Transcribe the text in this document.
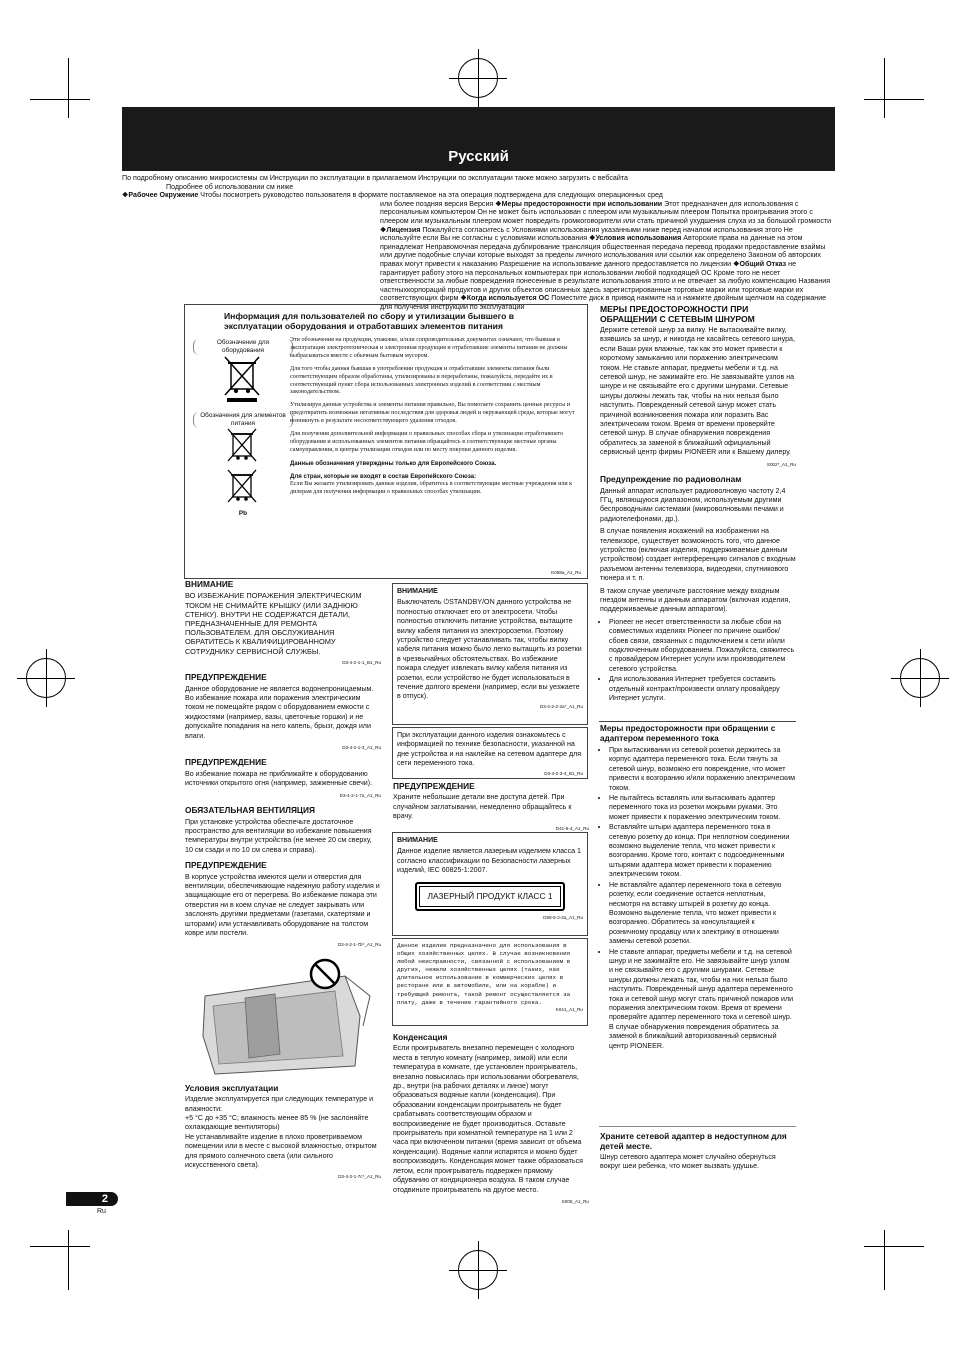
Русский

По подробному описанию микросистемы см Инструкции по эксплуатации в прилагаемом Инструкции по эксплуатации также можно загрузить с вебсайта

Подробнее об использовании см ниже

❖Рабочее Окружение Чтобы посмотреть руководство пользователя в формате поставляемое на эта операция подтверждена для следующих операционных сред

или более поздняя версия Версия ❖Меры предосторожности при использовании Этот предназначен для использования с персональным компьютером Он не может быть использован с плеером или музыкальным плеером Попытка проигрывания этого с плеером или музыкальным плеером может повредить громкоговорители или стать причиной ухудшения слуха из за большой громкости ❖Лицензия Пожалуйста согласитесь с Условиями использования указанными ниже перед началом использования этого Не используйте если Вы не согласны с условиями использования ❖Условия использования Авторские права на данные на этом принадлежат Неправомочная передача дублирование трансляция общественная передача перевод продажи предоставление взаймы или другие подобные случаи которые выходят за пределы личного использования или ссылки как определено Законом об авторских правах могут привести к наказанию Разрешение на использование данного предоставляется по лицензии ❖Общий Отказ не гарантирует работу этого на персональных компьютерах при использовании любой подходящей ОС Кроме того не несет ответственности за любые повреждения понесенные в результате использования этого и не отвечает за любую компенсацию Названия частныхкорпораций продуктов и других объектов описанных здесь зарегистрированные торговые марки или торговые марки их соответствующих фирм ❖Когда используется ОС Поместите диск в привод нажмите на и нажмите двойным щелчком на содержание для получения инструкции по эксплуатации

Информация для пользователей по сбору и утилизации бывшего в эксплуатации оборудования и отработавших элементов питания
Обозначение для оборудования
Обозначения для элементов питания

Pb

Эти обозначения на продукции, упаковке, и/или сопроводительных документах означают, что бывшая в эксплуатации электротехническая и электронная продукция и отработавшие элементы питания не должны выбрасываться вместе с обычным бытовым мусором.

Для того чтобы данная бывшая в употреблении продукция и отработавшие элементы питания были соответствующим образом обработаны, утилизированы и переработаны, пожалуйста, передайте их в соответствующий пункт сбора использованных электронных изделий в соответствии с местным законодательством.

Утилизируя данные устройства и элементы питания правильно, Вы помогаете сохранить ценные ресурсы и предотвратить возможные негативные последствия для здоровья людей и окружающей среды, которые могут возникнуть в результате несоответствующего удаления отходов.

Для получения дополнительной информации о правильных способах сбора и утилизации отработавшего оборудования и использованных элементов питания обращайтесь в соответствующие местные органы самоуправления, в центры утилизации отходов или по месту покупки данного изделия.

Данные обозначения утверждены только для Европейского Союза.

Для стран, которые не входят в состав Европейского Союза:

Если Вы желаете утилизировать данные изделия, обратитесь в соответствующие местные учреждения или к дилерам для получения информации о правильных способах утилизации.

K058a_A1_Ru
ВНИМАНИЕ

ВО ИЗБЕЖАНИЕ ПОРАЖЕНИЯ ЭЛЕКТРИЧЕСКИМ ТОКОМ НЕ СНИМАЙТЕ КРЫШКУ (ИЛИ ЗАДНЮЮ СТЕНКУ). ВНУТРИ НЕ СОДЕРЖАТСЯ ДЕТАЛИ, ПРЕДНАЗНАЧЕННЫЕ ДЛЯ РЕМОНТА ПОЛЬЗОВАТЕЛЕМ. ДЛЯ ОБСЛУЖИВАНИЯ ОБРАТИТЕСЬ К КВАЛИФИЦИРОВАННОМУ СОТРУДНИКУ СЕРВИСНОЙ СЛУЖБЫ.

D3-4-2-1-1_B1_Ru
ПРЕДУПРЕЖДЕНИЕ

Данное оборудование не является водонепроницаемым. Во избежание пожара или поражения электрическим током не помещайте рядом с оборудованием емкости с жидкостями (например, вазы, цветочные горшки) и не допускайте попадания на него капель, брызг, дождя или влаги.

D3-4-2-1-3_A1_Ru
ПРЕДУПРЕЖДЕНИЕ

Во избежание пожара не приближайте к оборудованию источники открытого огня (например, зажженные свечи).

D3-4-2-1-7a_A1_Ru
ОБЯЗАТЕЛЬНАЯ ВЕНТИЛЯЦИЯ

При установке устройства обеспечьте достаточное пространство для вентиляции во избежание повышения температуры внутри устройства (не менее 20 см сверху, 10 см сзади и по 10 см слева и справа).

ПРЕДУПРЕЖДЕНИЕ

В корпусе устройства имеются щели и отверстия для вентиляции, обеспечивающие надежную работу изделия и защищающие его от перегрева. Во избежание пожара эти отверстия ни в коем случае не следует закрывать или заслонять другими предметами (газетами, скатертями и шторами) или устанавливать оборудование на толстом ковре или постели.

D3-4-2-1-7b*_A1_Ru
Условия эксплуатации

Изделие эксплуатируется при следующих температуре и влажности:

+5 °C до +35 °C; влажность менее 85 % (не заслоняйте охлаждающие вентиляторы)

Не устанавливайте изделие в плохо проветриваемом помещении или в месте с высокой влажностью, открытом для прямого солнечного света (или сильного искусственного света).

D3-4-2-1-7c*_A1_Ru
ВНИМАНИЕ

Выключатель ⏻STANDBY/ON данного устройства не полностью отключает его от электросети. Чтобы полностью отключить питание устройства, вытащите вилку кабеля питания из электророзетки. Поэтому устройство следует устанавливать так, чтобы вилку кабеля питания можно было легко вытащить из розетки в чрезвычайных обстоятельствах. Во избежание пожара следует извлекать вилку кабеля питания из розетки, если устройство не будет использоваться в течение долгого времени (например, если вы уезжаете в отпуск).

D3-4-2-2-2a*_A1_Ru

При эксплуатации данного изделия ознакомьтесь с информацией по технике безопасности, указанной на дне устройства и на наклейке на сетевом адаптере для сети переменного тока.

D3-4-2-3-4_B1_Ru
ПРЕДУПРЕЖДЕНИЕ

Храните небольшие детали вне доступа детей. При случайном заглатывании, немедленно обращайтесь к врачу.

D41-6-4_A1_Ru
ВНИМАНИЕ

Данное изделие является лазерным изделием класса 1 согласно классификации по Безопасности лазерных изделий, IEC 60825-1:2007.

ЛАЗЕРНЫЙ ПРОДУКТ КЛАСС 1
D58-5-2-2a_A1_Ru

Данное изделие предназначено для использования в общих хозяйственных целях. В случае возникновения любой неисправности, связанной с использованием в других, нежели хозяйственных целях (таких, как длительное использование в коммерческих целях в ресторане или в автомобиле, или на корабле) и требующей ремонта, такой ремонт осуществляется за плату, даже в течение гарантийного срока.

K041_A1_Ru
Конденсация

Если проигрыватель внезапно перемещен с холодного места в теплую комнату (например, зимой) или если температура в комнате, где установлен проигрыватель, внезапно повысилась при использовании обогревателя, др., внутри (на рабочих деталях и линзе) могут образоваться водяные капли (конденсация). При образовании конденсации проигрыватель не будет срабатывать соответствующим образом и воспроизведение не будет производиться. Оставьте проигрыватель при комнатной температуре на 1 или 2 часа при включенном питании (время зависит от объема конденсации). Водяные капли испарятся и можно будет воспроизводить. Конденсация может также образоваться летом, если проигрыватель подвержен прямому обдуванию от кондиционера воздуха. В таком случае отодвиньте проигрыватель на другое место.

S005_A1_Ru
МЕРЫ ПРЕДОСТОРОЖНОСТИ ПРИ ОБРАЩЕНИИ С СЕТЕВЫМ ШНУРОМ

Держите сетевой шнур за вилку. Не вытаскивайте вилку, взявшись за шнур, и никогда не касайтесь сетевого шнура, если Ваши руки влажные, так как это может привести к короткому замыканию или поражению электрическим током. Не ставьте аппарат, предметы мебели и т.д. на сетевой шнур, не зажимайте его. Не завязывайте узлов на шнуре и не связывайте его с другими шнурами. Сетевые шнуры должны лежать так, чтобы на них нельзя было наступить. Поврежденный сетевой шнур может стать причиной возникновения пожара или поразить Вас электрическим током. Время от времени проверяйте сетевой шнур. В случае обнаружения повреждения обратитесь за заменой в ближайший официальный сервисный центр фирмы PIONEER или к Вашему дилеру.

S002*_A1_Ru
Предупреждение по радиоволнам

Данный аппарат использует радиоволновую частоту 2,4 ГГц, являющуюся диапазоном, используемым другими беспроводными системами (микроволновыми печами и радиотелефонами, др.).

В случае появления искажений на изображении на телевизоре, существует возможность того, что данное устройство (включая изделия, поддерживаемые данным устройством) создает интерференцию сигналов с входным разъемом антенны телевизора, видеодеки, спутникового тюнера и т. п.

В таком случае увеличьте расстояние между входным гнездом антенны и данным аппаратом (включая изделия, поддерживаемые данным аппаратом).

• Pioneer не несет ответственности за любые сбои на совместимых изделиях Pioneer по причине ошибок/сбоев связи, связанных с подключением к сети и/или подключенным оборудованием. Пожалуйста, свяжитесь с провайдером Интернет услуги или производителем сетевого устройства.
• Для использования Интернет требуется составить отдельный контракт/произвести оплату провайдеру Интернет услуги.
Меры предосторожности при обращении с адаптером переменного тока
• При вытаскивании из сетевой розетки держитесь за корпус адаптера переменного тока. Если тянуть за сетевой шнур, возможно его повреждение, что может привести к возгоранию и/или поражению электрическим током.
• Не пытайтесь вставлять или вытаскивать адаптер переменного тока из розетки мокрыми руками. Это может привести к поражению электрическим током.
• Вставляйте штыри адаптера переменного тока в сетевую розетку до конца. При неплотном соединении возможно выделение тепла, что может привести к возгоранию. Кроме того, контакт с подсоединенными штырями адаптера может привести к поражению электрическим током.
• Не вставляйте адаптер переменного тока в сетевую розетку, если соединение остается неплотным, несмотря на вставку штырей в розетку до конца. Возможно выделение тепла, что может привести к возгоранию. Обратитесь за консультацией к розничному продавцу или к электрику в отношении замены сетевой розетки.
• Не ставьте аппарат, предметы мебели и т.д. на сетевой шнур и не зажимайте его. Не завязывайте шнур узлом и не связывайте его с другими шнурами. Сетевые шнуры должны лежать так, чтобы на них нельзя было наступить. Поврежденный шнур адаптера переменного тока и сетевой шнур могут стать причиной пожаров или поражения электрическим током. Время от времени проверяйте адаптер переменного тока и сетевой шнур. В случае обнаружения повреждения обратитесь за заменой в ближайший авторизованный сервисный центр PIONEER.
Храните сетевой адаптер в недоступном для детей месте.

Шнур сетевого адаптера может случайно обернуться вокруг шеи ребенка, что может вызвать удушье.

2
Ru
